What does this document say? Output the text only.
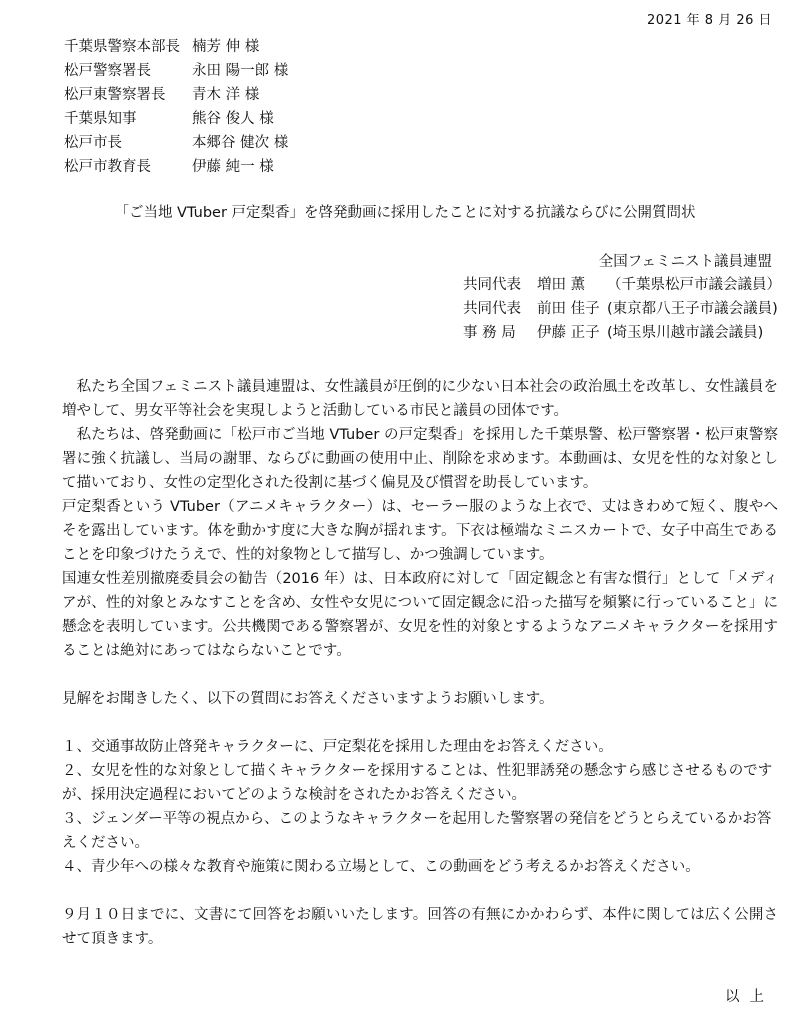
2021 年 8 月 26 日
千葉県警察本部長 楠芳 伸 様
松戸警察署長	永田 陽一郎 様
松戸東警察署長	青木 洋 様
千葉県知事	熊谷 俊人 様
松戸市長	本郷谷 健次 様
松戸市教育長	伊藤 純一 様
「ご当地 VTuber 戸定梨香」を啓発動画に採用したことに対する抗議ならびに公開質問状
全国フェミニスト議員連盟
共同代表	増田 薫	（千葉県松戸市議会議員）
共同代表	前田 佳子 (東京都八王子市議会議員)
事 務 局	伊藤 正子 (埼玉県川越市議会議員)

　私たち全国フェミニスト議員連盟は、女性議員が圧倒的に少ない日本社会の政治風土を改革し、女性議員を増やして、男女平等社会を実現しようと活動している市民と議員の団体です。

　私たちは、啓発動画に「松戸市ご当地 VTuber の戸定梨香」を採用した千葉県警、松戸警察署・松戸東警察署に強く抗議し、当局の謝罪、ならびに動画の使用中止、削除を求めます。本動画は、女児を性的な対象として描いており、女性の定型化された役割に基づく偏見及び慣習を助長しています。

戸定梨香という VTuber（アニメキャラクター）は、セーラー服のような上衣で、丈はきわめて短く、腹やへそを露出しています。体を動かす度に大きな胸が揺れます。下衣は極端なミニスカートで、女子中高生であることを印象づけたうえで、性的対象物として描写し、かつ強調しています。

国連女性差別撤廃委員会の勧告（2016 年）は、日本政府に対して「固定観念と有害な慣行」として「メディアが、性的対象とみなすことを含め、女性や女児について固定観念に沿った描写を頻繁に行っていること」に懸念を表明しています。公共機関である警察署が、女児を性的対象とするようなアニメキャラクターを採用することは絶対にあってはならないことです。

見解をお聞きしたく、以下の質問にお答えくださいますようお願いします。

１、交通事故防止啓発キャラクターに、戸定梨花を採用した理由をお答えください。
２、女児を性的な対象として描くキャラクターを採用することは、性犯罪誘発の懸念すら感じさせるものですが、採用決定過程においてどのような検討をされたかお答えください。
３、ジェンダー平等の視点から、このようなキャラクターを起用した警察署の発信をどうとらえているかお答えください。
４、青少年への様々な教育や施策に関わる立場として、この動画をどう考えるかお答えください。

９月１０日までに、文書にて回答をお願いいたします。回答の有無にかかわらず、本件に関しては広く公開させて頂きます。

以上
